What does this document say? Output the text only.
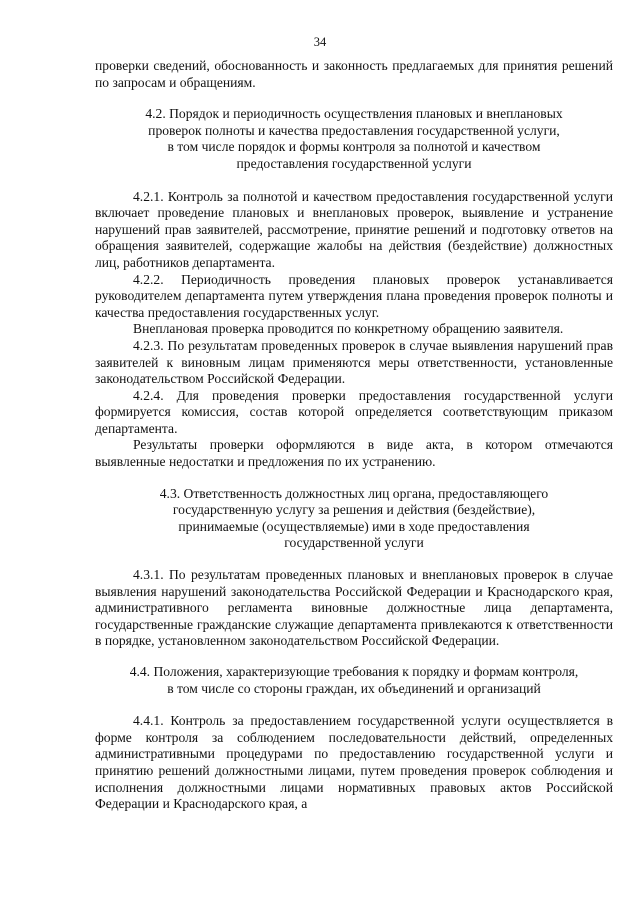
34

проверки сведений, обоснованность и законность предлагаемых для принятия решений по запросам и обращениям.

4.2. Порядок и периодичность осуществления плановых и внеплановых
проверок полноты и качества предоставления государственной услуги,
в том числе порядок и формы контроля за полнотой и качеством
предоставления государственной услуги

4.2.1. Контроль за полнотой и качеством предоставления государственной услуги включает проведение плановых и внеплановых проверок, выявление и устранение нарушений прав заявителей, рассмотрение, принятие решений и подготовку ответов на обращения заявителей, содержащие жалобы на действия (бездействие) должностных лиц, работников департамента.

4.2.2. Периодичность проведения плановых проверок устанавливается руководителем департамента путем утверждения плана проведения проверок полноты и качества предоставления государственных услуг.

Внеплановая проверка проводится по конкретному обращению заявителя.

4.2.3. По результатам проведенных проверок в случае выявления нарушений прав заявителей к виновным лицам применяются меры ответственности, установленные законодательством Российской Федерации.

4.2.4. Для проведения проверки предоставления государственной услуги формируется комиссия, состав которой определяется соответствующим приказом департамента.

Результаты проверки оформляются в виде акта, в котором отмечаются выявленные недостатки и предложения по их устранению.

4.3. Ответственность должностных лиц органа, предоставляющего
государственную услугу за решения и действия (бездействие),
принимаемые (осуществляемые) ими в ходе предоставления
государственной услуги

4.3.1. По результатам проведенных плановых и внеплановых проверок в случае выявления нарушений законодательства Российской Федерации и Краснодарского края, административного регламента виновные должностные лица департамента, государственные гражданские служащие департамента привлекаются к ответственности в порядке, установленном законодательством Российской Федерации.

4.4. Положения, характеризующие требования к порядку и формам контроля,
в том числе со стороны граждан, их объединений и организаций

4.4.1. Контроль за предоставлением государственной услуги осуществляется в форме контроля за соблюдением последовательности действий, определенных административными процедурами по предоставлению государственной услуги и принятию решений должностными лицами, путем проведения проверок соблюдения и исполнения должностными лицами нормативных правовых актов Российской Федерации и Краснодарского края, а
